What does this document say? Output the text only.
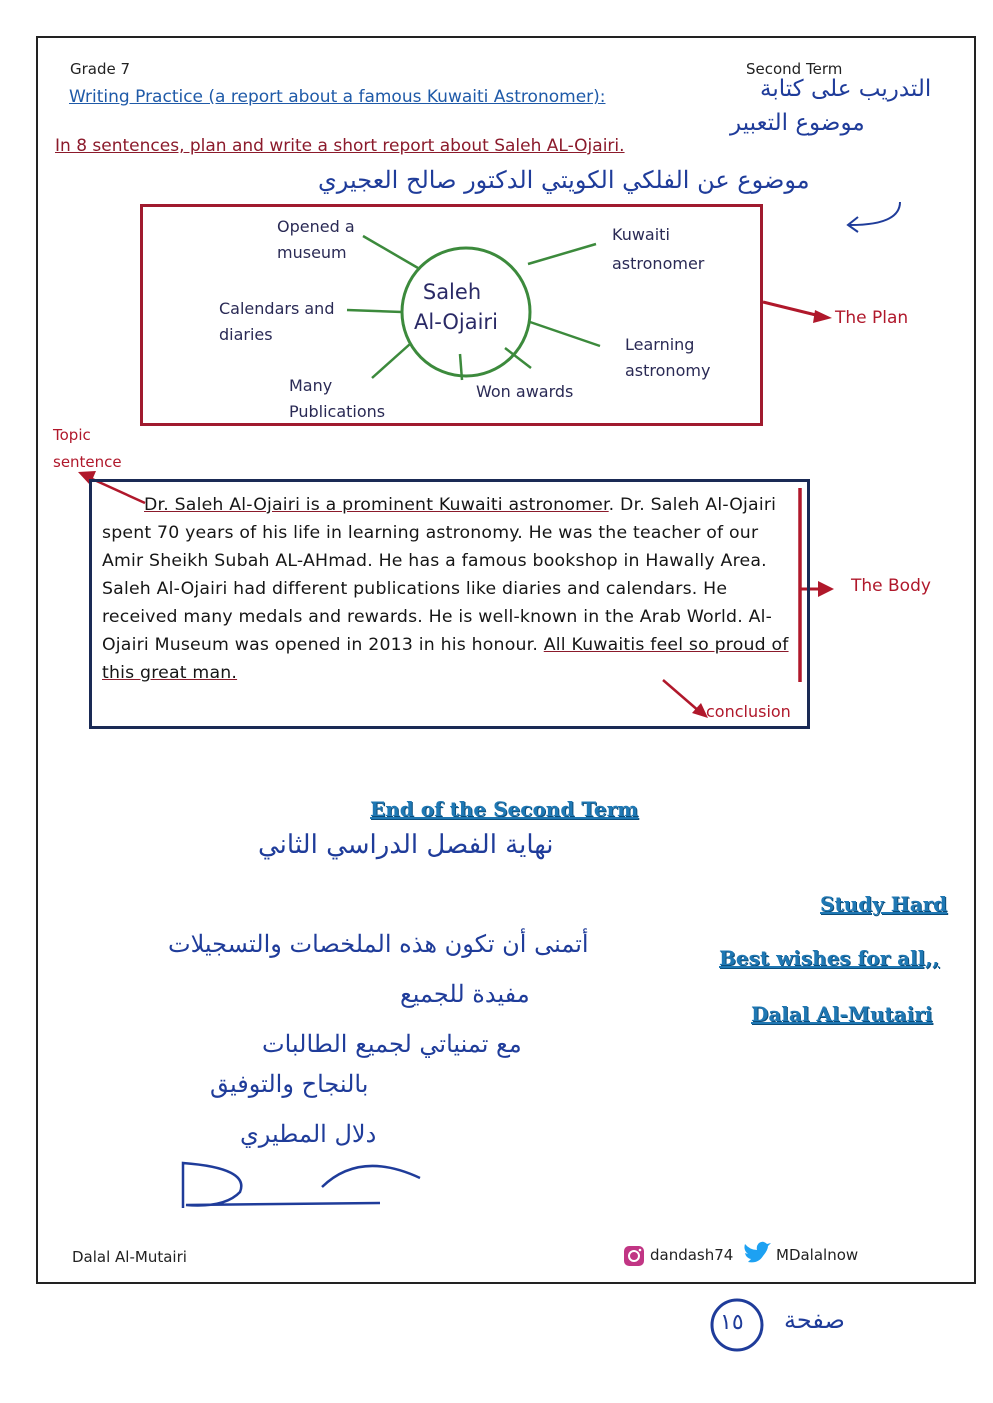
Grade 7	Second Term
Writing Practice (a report about a famous Kuwaiti Astronomer):
In 8 sentences, plan and write a short report about Saleh AL-Ojairi.
التدريب على كتابة
موضوع التعبير
موضوع عن الفلكي الكويتي الدكتور صالح العجيري
Saleh
Al-Ojairi
Opened a
museum
Calendars and
diaries
Many
Publications
Won awards
Kuwaiti
astronomer
Learning
astronomy
The Plan
Topic
sentence
The Body
conclusion
Dr. Saleh Al-Ojairi is a prominent Kuwaiti astronomer. Dr. Saleh Al-Ojairi spent 70 years of his life in learning astronomy. He was the teacher of our Amir Sheikh Subah AL-AHmad. He has a famous bookshop in Hawally Area. Saleh Al-Ojairi had different publications like diaries and calendars. He received many medals and rewards. He is well-known in the Arab World. Al-Ojairi Museum was opened in 2013 in his honour. All Kuwaitis feel so proud of this great man.
End of the Second Term
نهاية الفصل الدراسي الثاني
Study Hard
Best wishes for all,,
Dalal Al-Mutairi
أتمنى أن تكون هذه الملخصات والتسجيلات
مفيدة للجميع
مع تمنياتي لجميع الطالبات
بالنجاح والتوفيق
دلال المطيري
Dalal Al-Mutairi	dandash74	MDalalnow
١٥ صفحة
